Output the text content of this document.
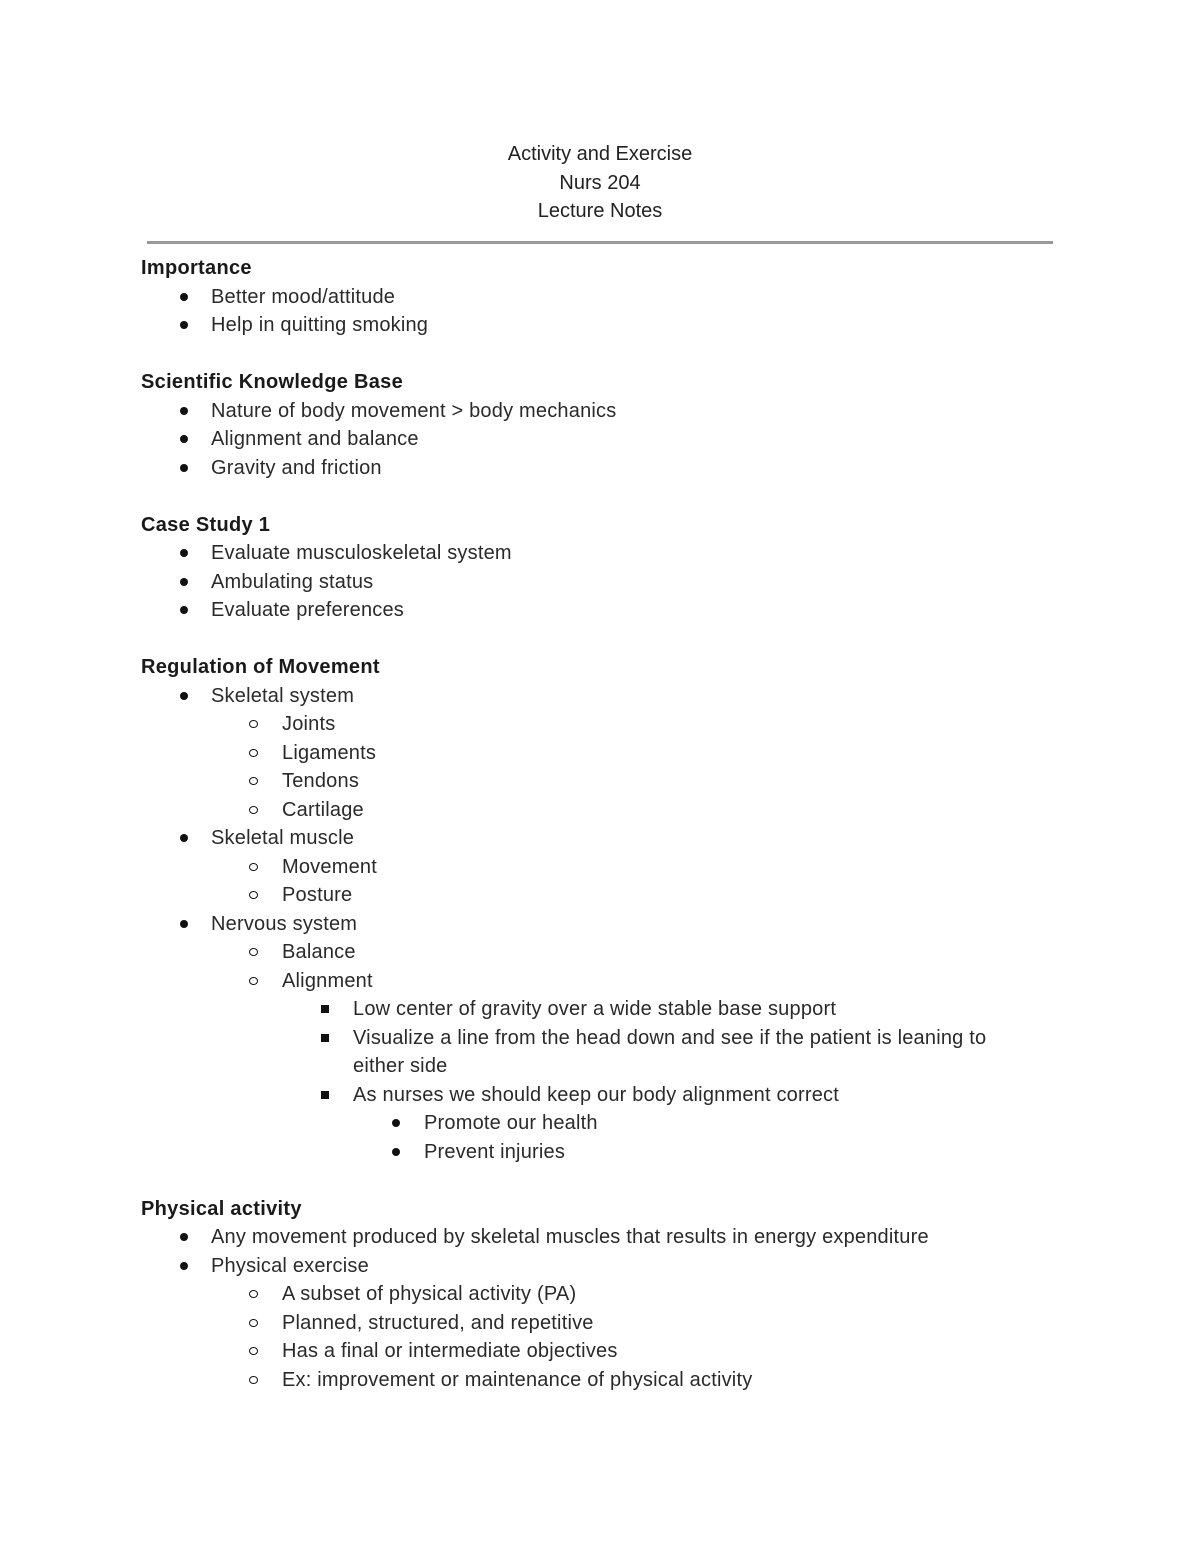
Activity and Exercise
Nurs 204
Lecture Notes
Importance
Better mood/attitude
Help in quitting smoking
Scientific Knowledge Base
Nature of body movement > body mechanics
Alignment and balance
Gravity and friction
Case Study 1
Evaluate musculoskeletal system
Ambulating status
Evaluate preferences
Regulation of Movement
Skeletal system
Joints
Ligaments
Tendons
Cartilage
Skeletal muscle
Movement
Posture
Nervous system
Balance
Alignment
Low center of gravity over a wide stable base support
Visualize a line from the head down and see if the patient is leaning to either side
As nurses we should keep our body alignment correct
Promote our health
Prevent injuries
Physical activity
Any movement produced by skeletal muscles that results in energy expenditure
Physical exercise
A subset of physical activity (PA)
Planned, structured, and repetitive
Has a final or intermediate objectives
Ex: improvement or maintenance of physical activity
